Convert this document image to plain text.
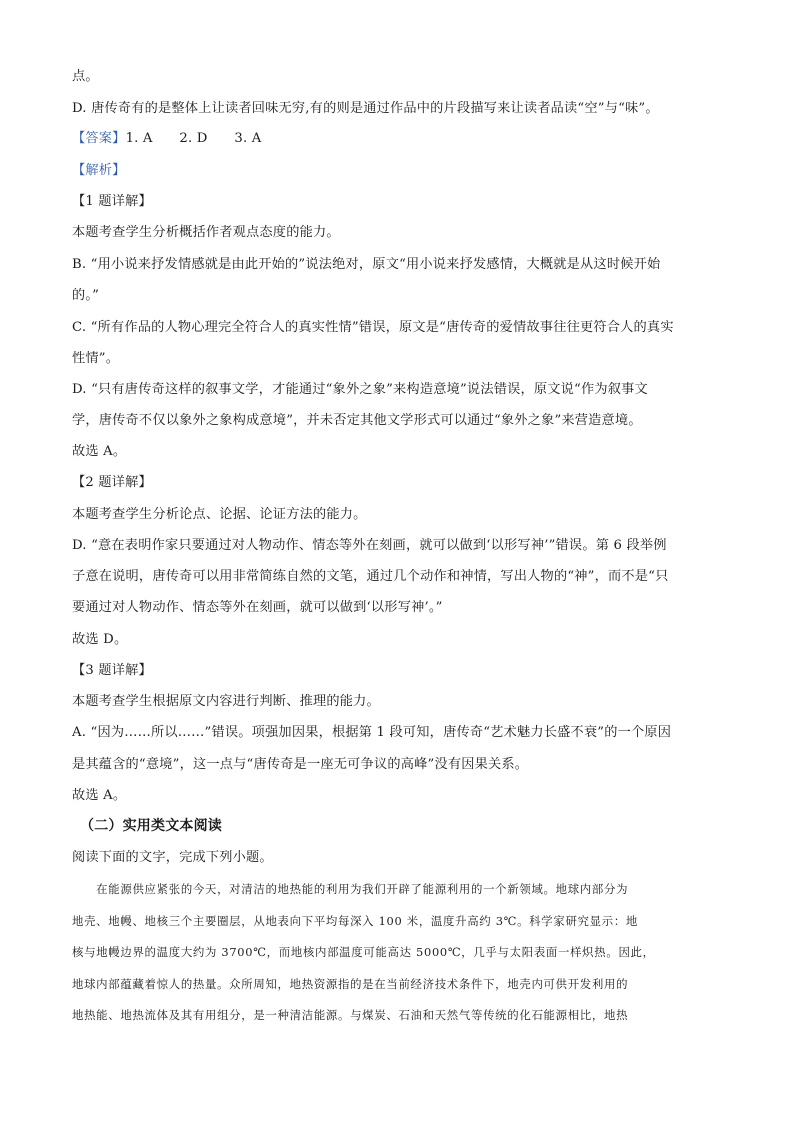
点。
D. 唐传奇有的是整体上让读者回味无穷,有的则是通过作品中的片段描写来让读者品读“空”与“味”。
【答案】1. A　　2. D　　3. A
【解析】
【1 题详解】
本题考查学生分析概括作者观点态度的能力。
B. “用小说来抒发情感就是由此开始的”说法绝对，原文“用小说来抒发感情，大概就是从这时候开始
的。”
C. “所有作品的人物心理完全符合人的真实性情”错误，原文是“唐传奇的爱情故事往往更符合人的真实
性情”。
D. “只有唐传奇这样的叙事文学，才能通过“象外之象”来构造意境”说法错误，原文说“作为叙事文
学，唐传奇不仅以象外之象构成意境”，并未否定其他文学形式可以通过“象外之象”来营造意境。
故选 A。
【2 题详解】
本题考查学生分析论点、论据、论证方法的能力。
D. “意在表明作家只要通过对人物动作、情态等外在刻画，就可以做到‘以形写神’”错误。第 6 段举例
子意在说明，唐传奇可以用非常简练自然的文笔，通过几个动作和神情，写出人物的“神”，而不是“只
要通过对人物动作、情态等外在刻画，就可以做到‘以形写神’。”
故选 D。
【3 题详解】
本题考查学生根据原文内容进行判断、推理的能力。
A. “因为……所以……”错误。项强加因果，根据第 1 段可知，唐传奇“艺术魅力长盛不衰”的一个原因
是其蕴含的“意境”，这一点与“唐传奇是一座无可争议的高峰”没有因果关系。
故选 A。
（二）实用类文本阅读
阅读下面的文字，完成下列小题。
　　在能源供应紧张的今天，对清洁的地热能的利用为我们开辟了能源利用的一个新领域。地球内部分为
地壳、地幔、地核三个主要圈层，从地表向下平均每深入 100 米，温度升高约 3℃。科学家研究显示：地
核与地幔边界的温度大约为 3700℃，而地核内部温度可能高达 5000℃，几乎与太阳表面一样炽热。因此，
地球内部蕴藏着惊人的热量。众所周知，地热资源指的是在当前经济技术条件下，地壳内可供开发利用的
地热能、地热流体及其有用组分，是一种清洁能源。与煤炭、石油和天然气等传统的化石能源相比，地热
